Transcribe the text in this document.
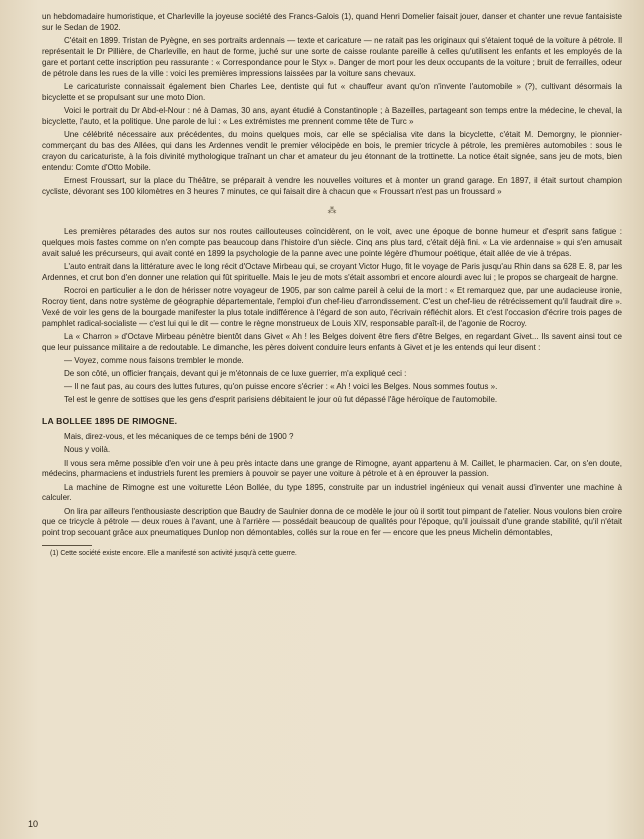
un hebdomadaire humoristique, et Charleville la joyeuse société des Francs-Galois (1), quand Henri Domelier faisait jouer, danser et chanter une revue fantaisiste sur le Sedan de 1902.

C'était en 1899. Tristan de Pyègne, en ses portraits ardennais — texte et caricature — ne ratait pas les originaux qui s'étaient toqué de la voiture à pétrole. Il représentait le Dr Pillière, de Charleville, en haut de forme, juché sur une sorte de caisse roulante pareille à celles qu'utilisent les enfants et les employés de la gare et portant cette inscription peu rassurante : « Correspondance pour le Styx ». Danger de mort pour les deux occupants de la voiture ; bruit de ferrailles, odeur de pétrole dans les rues de la ville : voici les premières impressions laissées par la voiture sans chevaux.

Le caricaturiste connaissait également bien Charles Lee, dentiste qui fut « chauffeur avant qu'on n'invente l'automobile » (?), cultivant désormais la bicyclette et se propulsant sur une moto Dion.

Voici le portrait du Dr Abd-el-Nour : né à Damas, 30 ans, ayant étudié à Constantinople ; à Bazeilles, partageant son temps entre la médecine, le cheval, la bicyclette, l'auto, et la politique. Une parole de lui : « Les extrémistes me prennent comme tête de Turc »

Une célébrité nécessaire aux précédentes, du moins quelques mois, car elle se spécialisa vite dans la bicyclette, c'était M. Demorgny, le pionnier-commerçant du bas des Allées, qui dans les Ardennes vendit le premier vélocipède en bois, le premier tricycle à pétrole, les premières automobiles : sous le crayon du caricaturiste, à la fois divinité mythologique traînant un char et amateur du jeu étonnant de la trottinette. La notice était signée, sans jeu de mots, bien entendu: Comte d'Otto Mobile.

Ernest Froussart, sur la place du Théâtre, se préparait à vendre les nouvelles voitures et à monter un grand garage. En 1897, il était surtout champion cycliste, dévorant ses 100 kilomètres en 3 heures 7 minutes, ce qui faisait dire à chacun que « Froussart n'est pas un froussard »

⁂

Les premières pétarades des autos sur nos routes caillouteuses coïncidèrent, on le voit, avec une époque de bonne humeur et d'esprit sans fatigue : quelques mois fastes comme on n'en compte pas beaucoup dans l'histoire d'un siècle. Cinq ans plus tard, c'était déjà fini. « La vie ardennaise » qui s'en amusait avait salué les précurseurs, qui avait conté en 1899 la psychologie de la panne avec une pointe légère d'humour poétique, était allée de vie à trépas.

L'auto entrait dans la littérature avec le long récit d'Octave Mirbeau qui, se croyant Victor Hugo, fit le voyage de Paris jusqu'au Rhin dans sa 628 E. 8, par les Ardennes, et crut bon d'en donner une relation qui fût spirituelle. Mais le jeu de mots s'était assombri et encore alourdi avec lui ; le propos se chargeait de hargne.

Rocroi en particulier a le don de hérisser notre voyageur de 1905, par son calme pareil à celui de la mort : « Et remarquez que, par une audacieuse ironie, Rocroy tient, dans notre système de géographie départementale, l'emploi d'un chef-lieu d'arrondissement. C'est un chef-lieu de rétrécissement qu'il faudrait dire ». Vexé de voir les gens de la bourgade manifester la plus totale indifférence à l'égard de son auto, l'écrivain réfléchit alors. Et c'est l'occasion d'écrire trois pages de pamphlet radical-socialiste — c'est lui qui le dit — contre le règne monstrueux de Louis XIV, responsable paraît-il, de l'agonie de Rocroy.

La « Charron » d'Octave Mirbeau pénètre bientôt dans Givet « Ah ! les Belges doivent être fiers d'être Belges, en regardant Givet... Ils savent ainsi tout ce que leur puissance militaire a de redoutable. Le dimanche, les pères doivent conduire leurs enfants à Givet et je les entends qui leur disent :

— Voyez, comme nous faisons trembler le monde.

De son côté, un officier français, devant qui je m'étonnais de ce luxe guerrier, m'a expliqué ceci :

— Il ne faut pas, au cours des luttes futures, qu'on puisse encore s'écrier : « Ah ! voici les Belges. Nous sommes foutus ».

Tel est le genre de sottises que les gens d'esprit parisiens débitaient le jour où fut dépassé l'âge héroïque de l'automobile.

LA BOLLEE 1895 DE RIMOGNE.

Mais, direz-vous, et les mécaniques de ce temps béni de 1900 ?

Nous y voilà.

Il vous sera même possible d'en voir une à peu près intacte dans une grange de Rimogne, ayant appartenu à M. Caillet, le pharmacien. Car, on s'en doute, médecins, pharmaciens et industriels furent les premiers à pouvoir se payer une voiture à pétrole et à en éprouver la passion.

La machine de Rimogne est une voiturette Léon Bollée, du type 1895, construite par un industriel ingénieux qui venait aussi d'inventer une machine à calculer.

On lira par ailleurs l'enthousiaste description que Baudry de Saulnier donna de ce modèle le jour où il sortit tout pimpant de l'atelier. Nous voulons bien croire que ce tricycle à pétrole — deux roues à l'avant, une à l'arrière — possédait beaucoup de qualités pour l'époque, qu'il jouissait d'une grande stabilité, qu'il n'était point trop secouant grâce aux pneumatiques Dunlop non démontables, collés sur la roue en fer — encore que les pneus Michelin démontables,

(1) Cette société existe encore. Elle a manifesté son activité jusqu'à cette guerre.

10
